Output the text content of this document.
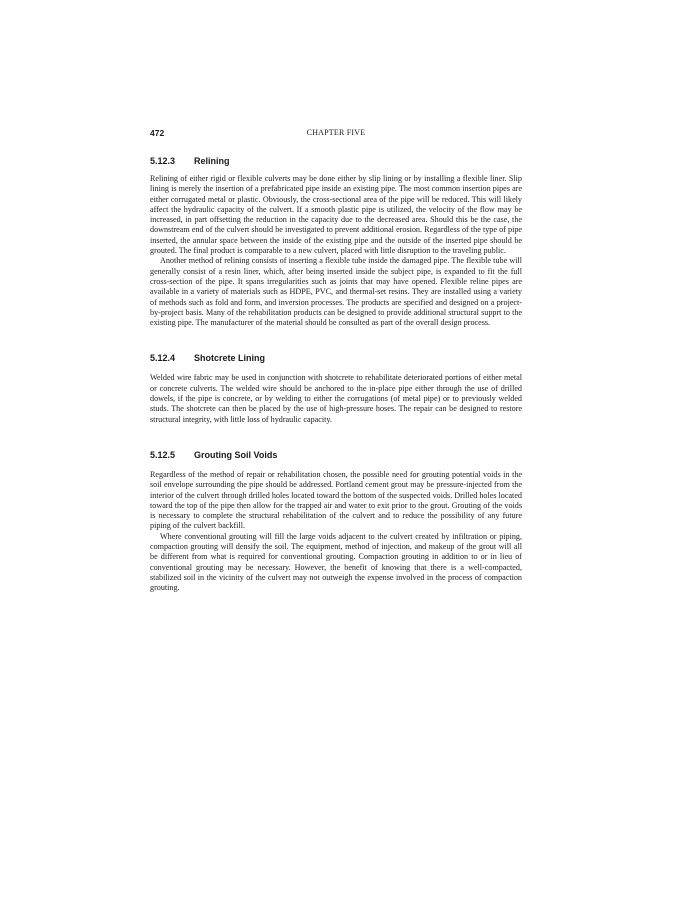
472	CHAPTER FIVE
5.12.3 Relining

Relining of either rigid or flexible culverts may be done either by slip lining or by installing a flexible liner. Slip lining is merely the insertion of a prefabricated pipe inside an existing pipe. The most common insertion pipes are either corrugated metal or plastic. Obviously, the cross-sectional area of the pipe will be reduced. This will likely affect the hydraulic capacity of the culvert. If a smooth plastic pipe is utilized, the velocity of the flow may be increased, in part offsetting the reduction in the capacity due to the decreased area. Should this be the case, the downstream end of the culvert should be investigated to prevent additional erosion. Regardless of the type of pipe inserted, the annular space between the inside of the existing pipe and the outside of the inserted pipe should be grouted. The final product is comparable to a new culvert, placed with little disruption to the traveling public.

Another method of relining consists of inserting a flexible tube inside the damaged pipe. The flexible tube will generally consist of a resin liner, which, after being inserted inside the subject pipe, is expanded to fit the full cross-section of the pipe. It spans irregularities such as joints that may have opened. Flexible reline pipes are available in a variety of materials such as HDPE, PVC, and thermal-set resins. They are installed using a variety of methods such as fold and form, and inversion processes. The products are specified and designed on a project-by-project basis. Many of the rehabilitation products can be designed to provide additional structural supprt to the existing pipe. The manufacturer of the material should be consulted as part of the overall design process.

5.12.4 Shotcrete Lining

Welded wire fabric may be used in conjunction with shotcrete to rehabilitate deteriorated portions of either metal or concrete culverts. The welded wire should be anchored to the in-place pipe either through the use of drilled dowels, if the pipe is concrete, or by welding to either the corrugations (of metal pipe) or to previously welded studs. The shotcrete can then be placed by the use of high-pressure hoses. The repair can be designed to restore structural integrity, with little loss of hydraulic capacity.

5.12.5 Grouting Soil Voids

Regardless of the method of repair or rehabilitation chosen, the possible need for grouting potential voids in the soil envelope surrounding the pipe should be addressed. Portland cement grout may be pressure-injected from the interior of the culvert through drilled holes located toward the bottom of the suspected voids. Drilled holes located toward the top of the pipe then allow for the trapped air and water to exit prior to the grout. Grouting of the voids is necessary to complete the structural rehabilitation of the culvert and to reduce the possibility of any future piping of the culvert backfill.

Where conventional grouting will fill the large voids adjacent to the culvert created by infiltration or piping, compaction grouting will densify the soil. The equipment, method of injection, and makeup of the grout will all be different from what is required for conventional grouting. Compaction grouting in addition to or in lieu of conventional grouting may be necessary. However, the benefit of knowing that there is a well-compacted, stabilized soil in the vicinity of the culvert may not outweigh the expense involved in the process of compaction grouting.
